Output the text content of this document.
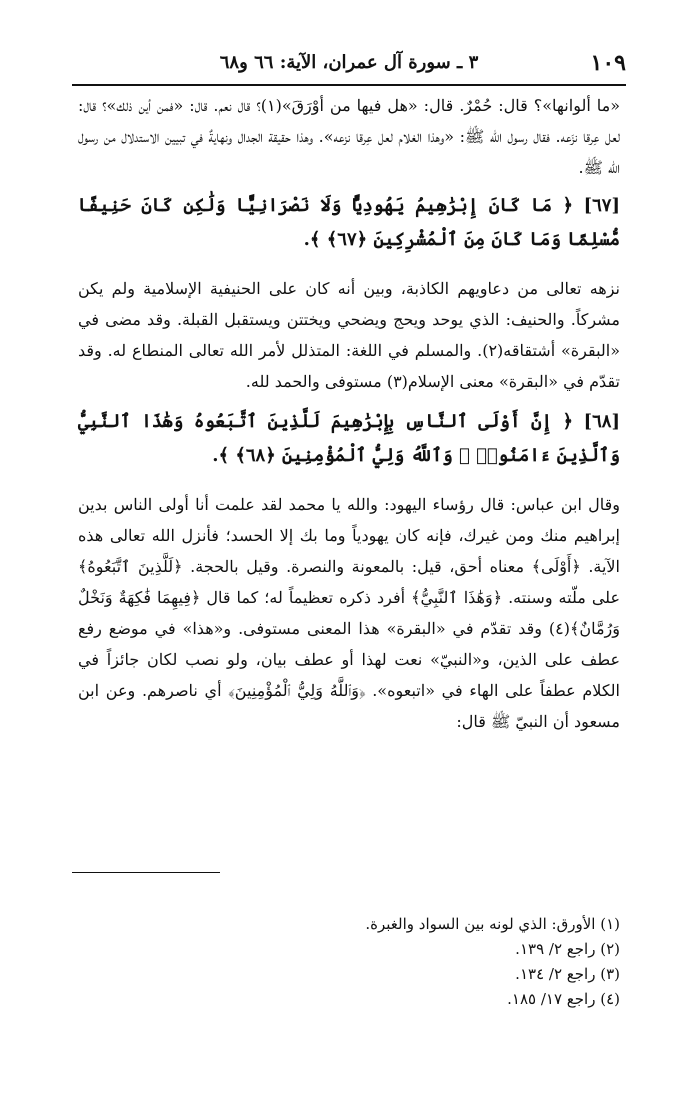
١٠٩
٣ ـ سورة آل عمران، الآية: ٦٦ و٦٨

«ما ألوانها»؟ قال: حُمْرٌ. قال: «هل فيها من أوْرَقَ»(١)؟ قال نعم. قال: «فمن أين ذلك»؟ قال: لعل عِرقا نزَعه. فقال رسول الله ﷺ: «وهذا الغلام لعل عِرقا نزعه». وهذا حقيقة الجدال ونهايةٌ في تبيين الاستدلال من رسول الله ﷺ.

[٦٧] ﴿ مَا كَانَ إِبْرَٰهِيمُ يَهُودِيًّا وَلَا نَصْرَانِيًّا وَلَٰكِن كَانَ حَنِيفًا مُّسْلِمًا وَمَا كَانَ مِنَ ٱلْمُشْرِكِينَ ﴿٦٧﴾ ﴾.

نزهه تعالى من دعاويهم الكاذبة، وبين أنه كان على الحنيفية الإسلامية ولم يكن مشركاً. والحنيف: الذي يوحد ويحج ويضحي ويختتن ويستقبل القبلة. وقد مضى في «البقرة» أشتقاقه(٢). والمسلم في اللغة: المتذلل لأمر الله تعالى المنطاع له. وقد تقدّم في «البقرة» معنى الإسلام(٣) مستوفى والحمد لله.

[٦٨] ﴿ إِنَّ أَوْلَى ٱلنَّاسِ بِإِبْرَٰهِيمَ لَلَّذِينَ ٱتَّبَعُوهُ وَهَٰذَا ٱلنَّبِيُّ وَٱلَّذِينَ ءَامَنُوا۟ ۗ وَٱللَّهُ وَلِيُّ ٱلْمُؤْمِنِينَ ﴿٦٨﴾ ﴾.

وقال ابن عباس: قال رؤساء اليهود: والله يا محمد لقد علمت أنا أولى الناس بدين إبراهيم منك ومن غيرك، فإنه كان يهودياً وما بك إلا الحسد؛ فأنزل الله تعالى هذه الآية. ﴿أَوْلَى﴾ معناه أحق، قيل: بالمعونة والنصرة. وقيل بالحجة. ﴿لَلَّذِينَ ٱتَّبَعُوهُ﴾ على ملّته وسنته. ﴿وَهَٰذَا ٱلنَّبِيُّ﴾ أفرد ذكره تعظيماً له؛ كما قال ﴿فِيهِمَا فَٰكِهَةٌ وَنَخْلٌ وَرُمَّانٌ﴾(٤) وقد تقدّم في «البقرة» هذا المعنى مستوفى. و«هذا» في موضع رفع عطف على الذين، و«النبيّ» نعت لهذا أو عطف بيان، ولو نصب لكان جائزاً في الكلام عطفاً على الهاء في «اتبعوه». ﴿وَٱللَّهُ وَلِيُّ ٱلْمُؤْمِنِينَ﴾ أي ناصرهم. وعن ابن مسعود أن النبيّ ﷺ قال:

(١) الأورق: الذي لونه بين السواد والغبرة.
(٢) راجع ٢/ ١٣٩.
(٣) راجع ٢/ ١٣٤.
(٤) راجع ١٧/ ١٨٥.
